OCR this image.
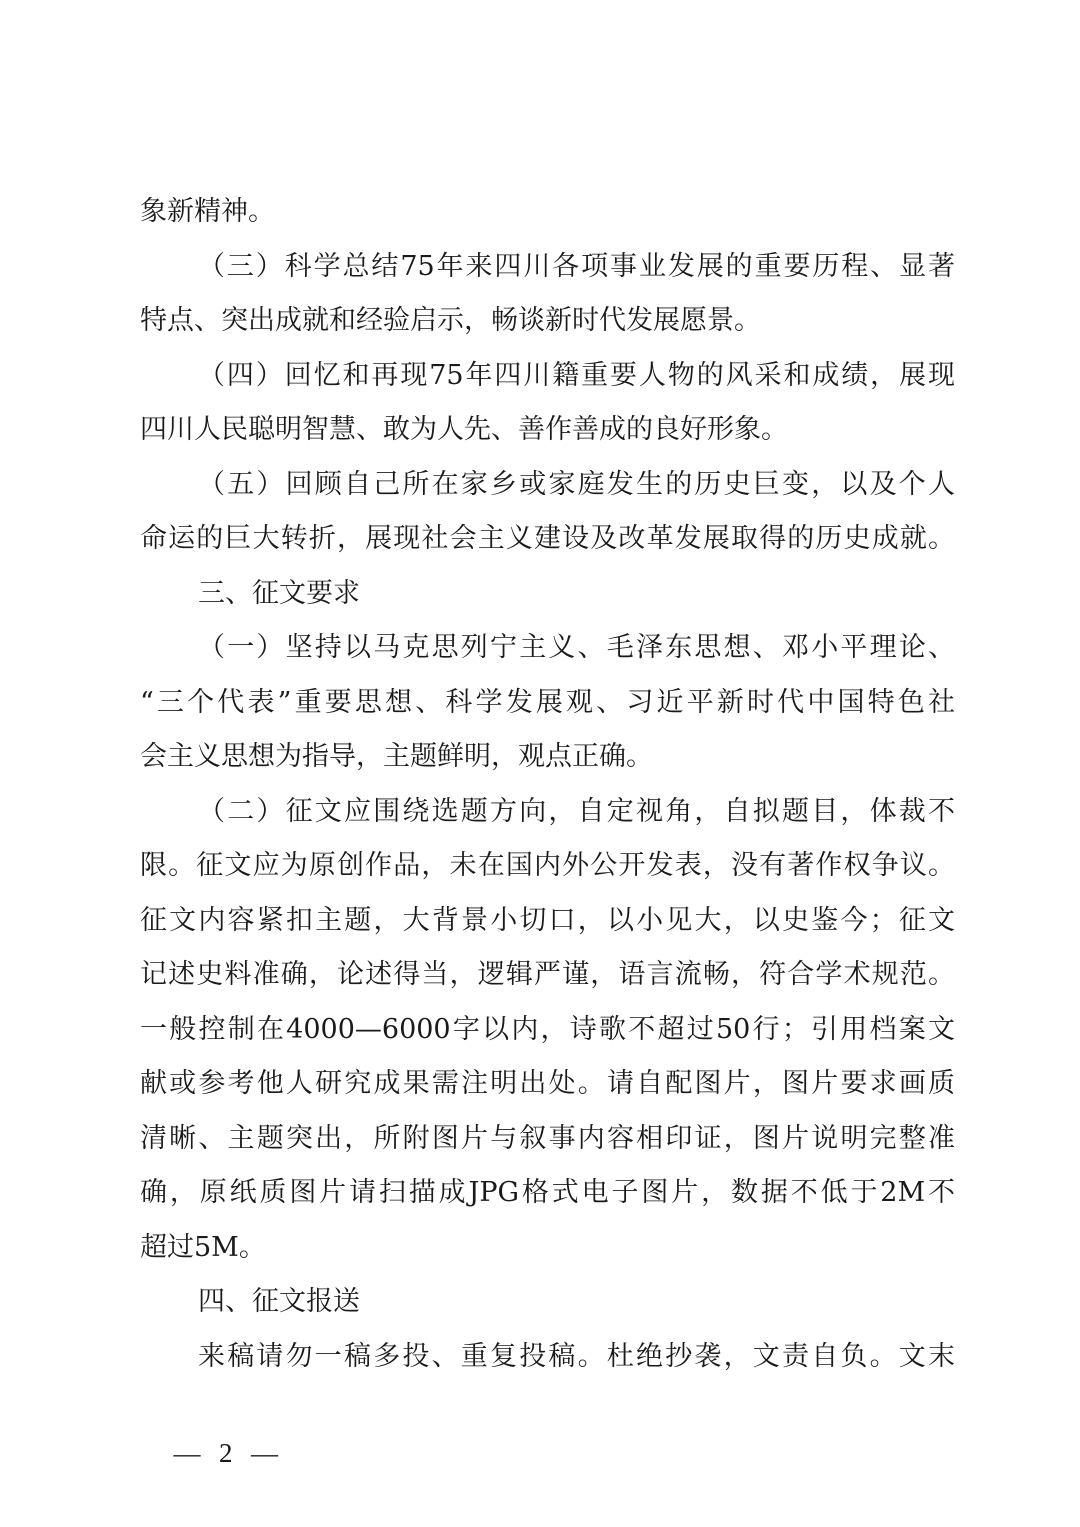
象新精神。
（三）科学总结75年来四川各项事业发展的重要历程、显著
特点、突出成就和经验启示，畅谈新时代发展愿景。
（四）回忆和再现75年四川籍重要人物的风采和成绩，展现
四川人民聪明智慧、敢为人先、善作善成的良好形象。
（五）回顾自己所在家乡或家庭发生的历史巨变，以及个人
命运的巨大转折，展现社会主义建设及改革发展取得的历史成就。
三、征文要求
（一）坚持以马克思列宁主义、毛泽东思想、邓小平理论、
“三个代表”重要思想、科学发展观、习近平新时代中国特色社
会主义思想为指导，主题鲜明，观点正确。
（二）征文应围绕选题方向，自定视角，自拟题目，体裁不
限。征文应为原创作品，未在国内外公开发表，没有著作权争议。
征文内容紧扣主题，大背景小切口，以小见大，以史鉴今；征文
记述史料准确，论述得当，逻辑严谨，语言流畅，符合学术规范。
一般控制在4000—6000字以内，诗歌不超过50行；引用档案文
献或参考他人研究成果需注明出处。请自配图片，图片要求画质
清晰、主题突出，所附图片与叙事内容相印证，图片说明完整准
确，原纸质图片请扫描成JPG格式电子图片，数据不低于2M不
超过5M。
四、征文报送
来稿请勿一稿多投、重复投稿。杜绝抄袭，文责自负。文末
— 2 —
